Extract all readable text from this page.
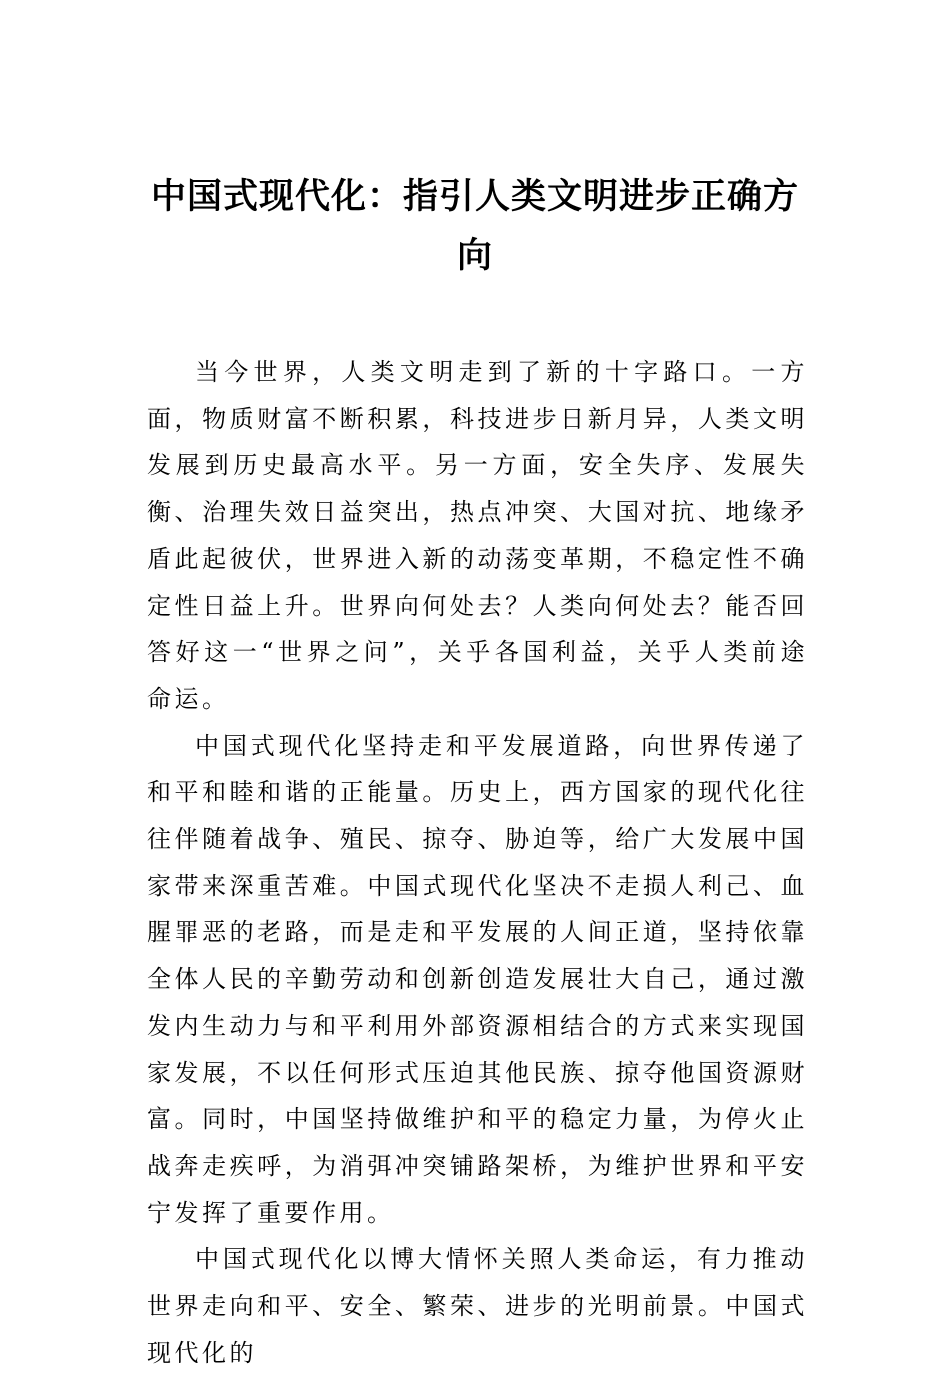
中国式现代化：指引人类文明进步正确方向

当今世界，人类文明走到了新的十字路口。一方面，物质财富不断积累，科技进步日新月异，人类文明发展到历史最高水平。另一方面，安全失序、发展失衡、治理失效日益突出，热点冲突、大国对抗、地缘矛盾此起彼伏，世界进入新的动荡变革期，不稳定性不确定性日益上升。世界向何处去？人类向何处去？能否回答好这一“世界之问”，关乎各国利益，关乎人类前途命运。

中国式现代化坚持走和平发展道路，向世界传递了和平和睦和谐的正能量。历史上，西方国家的现代化往往伴随着战争、殖民、掠夺、胁迫等，给广大发展中国家带来深重苦难。中国式现代化坚决不走损人利己、血腥罪恶的老路，而是走和平发展的人间正道，坚持依靠全体人民的辛勤劳动和创新创造发展壮大自己，通过激发内生动力与和平利用外部资源相结合的方式来实现国家发展，不以任何形式压迫其他民族、掠夺他国资源财富。同时，中国坚持做维护和平的稳定力量，为停火止战奔走疾呼，为消弭冲突铺路架桥，为维护世界和平安宁发挥了重要作用。

中国式现代化以博大情怀关照人类命运，有力推动世界走向和平、安全、繁荣、进步的光明前景。中国式现代化的
